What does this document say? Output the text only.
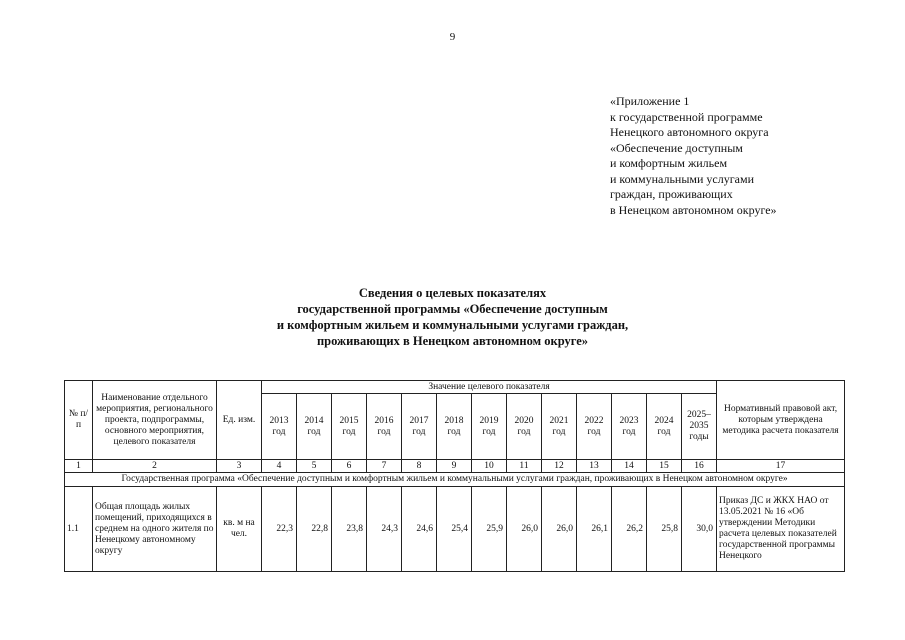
9
«Приложение 1
к государственной программе
Ненецкого автономного округа
«Обеспечение доступным
и комфортным жильем
и коммунальными услугами
граждан, проживающих
в Ненецком автономном округе»
Сведения о целевых показателях
государственной программы «Обеспечение доступным
и комфортным жильем и коммунальными услугами граждан,
проживающих в Ненецком автономном округе»
№ п/п	Наименование отдельного мероприятия, регионального проекта, подпрограммы, основного мероприятия, целевого показателя	Ед. изм.	Значение целевого показателя													Нормативный правовой акт, которым утверждена методика расчета показателя
			2013 год	2014 год	2015 год	2016 год	2017 год	2018 год	2019 год	2020 год	2021 год	2022 год	2023 год	2024 год	2025–2035 годы	
1	2	3	4	5	6	7	8	9	10	11	12	13	14	15	16	17
Государственная программа «Обеспечение доступным и комфортным жильем и коммунальными услугами граждан, проживающих в Ненецком автономном округе»																
1.1	Общая площадь жилых помещений, приходящихся в среднем на одного жителя по Ненецкому автономному округу	кв. м на чел.	22,3	22,8	23,8	24,3	24,6	25,4	25,9	26,0	26,0	26,1	26,2	25,8	30,0	Приказ ДС и ЖКХ НАО от 13.05.2021 № 16 «Об утверждении Методики расчета целевых показателей государственной программы Ненецкого
